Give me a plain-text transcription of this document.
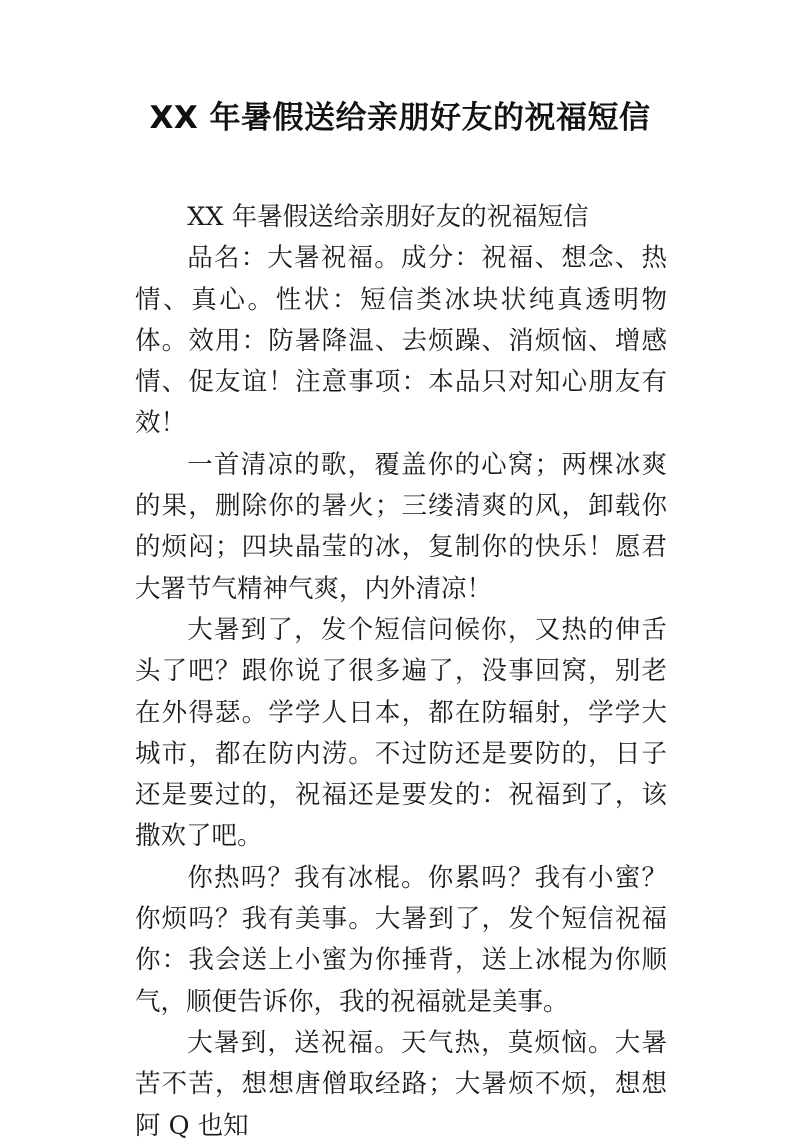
XX 年暑假送给亲朋好友的祝福短信

XX 年暑假送给亲朋好友的祝福短信

品名：大暑祝福。成分：祝福、想念、热情、真心。性状：短信类冰块状纯真透明物体。效用：防暑降温、去烦躁、消烦恼、增感情、促友谊！注意事项：本品只对知心朋友有效！

一首清凉的歌，覆盖你的心窝；两棵冰爽的果，删除你的暑火；三缕清爽的风，卸载你的烦闷；四块晶莹的冰，复制你的快乐！愿君大署节气精神气爽，内外清凉！

大暑到了，发个短信问候你，又热的伸舌头了吧？跟你说了很多遍了，没事回窝，别老在外得瑟。学学人日本，都在防辐射，学学大城市，都在防内涝。不过防还是要防的，日子还是要过的，祝福还是要发的：祝福到了，该撒欢了吧。

你热吗？我有冰棍。你累吗？我有小蜜？你烦吗？我有美事。大暑到了，发个短信祝福你：我会送上小蜜为你捶背，送上冰棍为你顺气，顺便告诉你，我的祝福就是美事。

大暑到，送祝福。天气热，莫烦恼。大暑苦不苦，想想唐僧取经路；大暑烦不烦，想想阿 Q 也知
